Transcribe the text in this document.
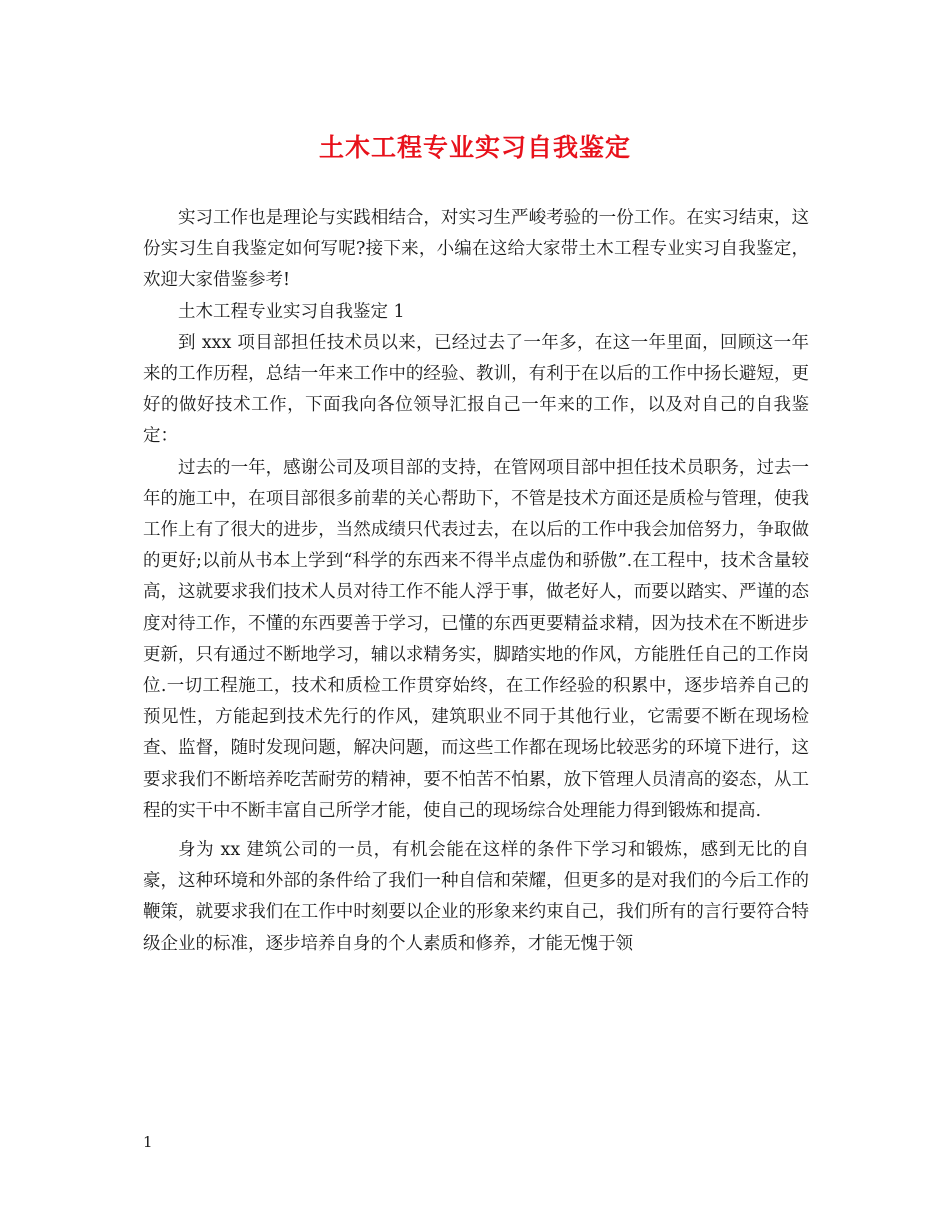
土木工程专业实习自我鉴定

实习工作也是理论与实践相结合，对实习生严峻考验的一份工作。在实习结束，这份实习生自我鉴定如何写呢?接下来，小编在这给大家带土木工程专业实习自我鉴定，欢迎大家借鉴参考!

土木工程专业实习自我鉴定 1

到 xxx 项目部担任技术员以来，已经过去了一年多，在这一年里面，回顾这一年来的工作历程，总结一年来工作中的经验、教训，有利于在以后的工作中扬长避短，更好的做好技术工作，下面我向各位领导汇报自己一年来的工作，以及对自己的自我鉴定：

过去的一年，感谢公司及项目部的支持，在管网项目部中担任技术员职务，过去一年的施工中，在项目部很多前辈的关心帮助下，不管是技术方面还是质检与管理，使我工作上有了很大的进步，当然成绩只代表过去，在以后的工作中我会加倍努力，争取做的更好;以前从书本上学到“科学的东西来不得半点虚伪和骄傲”.在工程中，技术含量较高，这就要求我们技术人员对待工作不能人浮于事，做老好人，而要以踏实、严谨的态度对待工作，不懂的东西要善于学习，已懂的东西更要精益求精，因为技术在不断进步更新，只有通过不断地学习，辅以求精务实，脚踏实地的作风，方能胜任自己的工作岗位.一切工程施工，技术和质检工作贯穿始终，在工作经验的积累中，逐步培养自己的预见性，方能起到技术先行的作风，建筑职业不同于其他行业，它需要不断在现场检查、监督，随时发现问题，解决问题，而这些工作都在现场比较恶劣的环境下进行，这要求我们不断培养吃苦耐劳的精神，要不怕苦不怕累，放下管理人员清高的姿态，从工程的实干中不断丰富自己所学才能，使自己的现场综合处理能力得到锻炼和提高.

身为 xx 建筑公司的一员，有机会能在这样的条件下学习和锻炼，感到无比的自豪，这种环境和外部的条件给了我们一种自信和荣耀，但更多的是对我们的今后工作的鞭策，就要求我们在工作中时刻要以企业的形象来约束自己，我们所有的言行要符合特级企业的标准，逐步培养自身的个人素质和修养，才能无愧于领

1
